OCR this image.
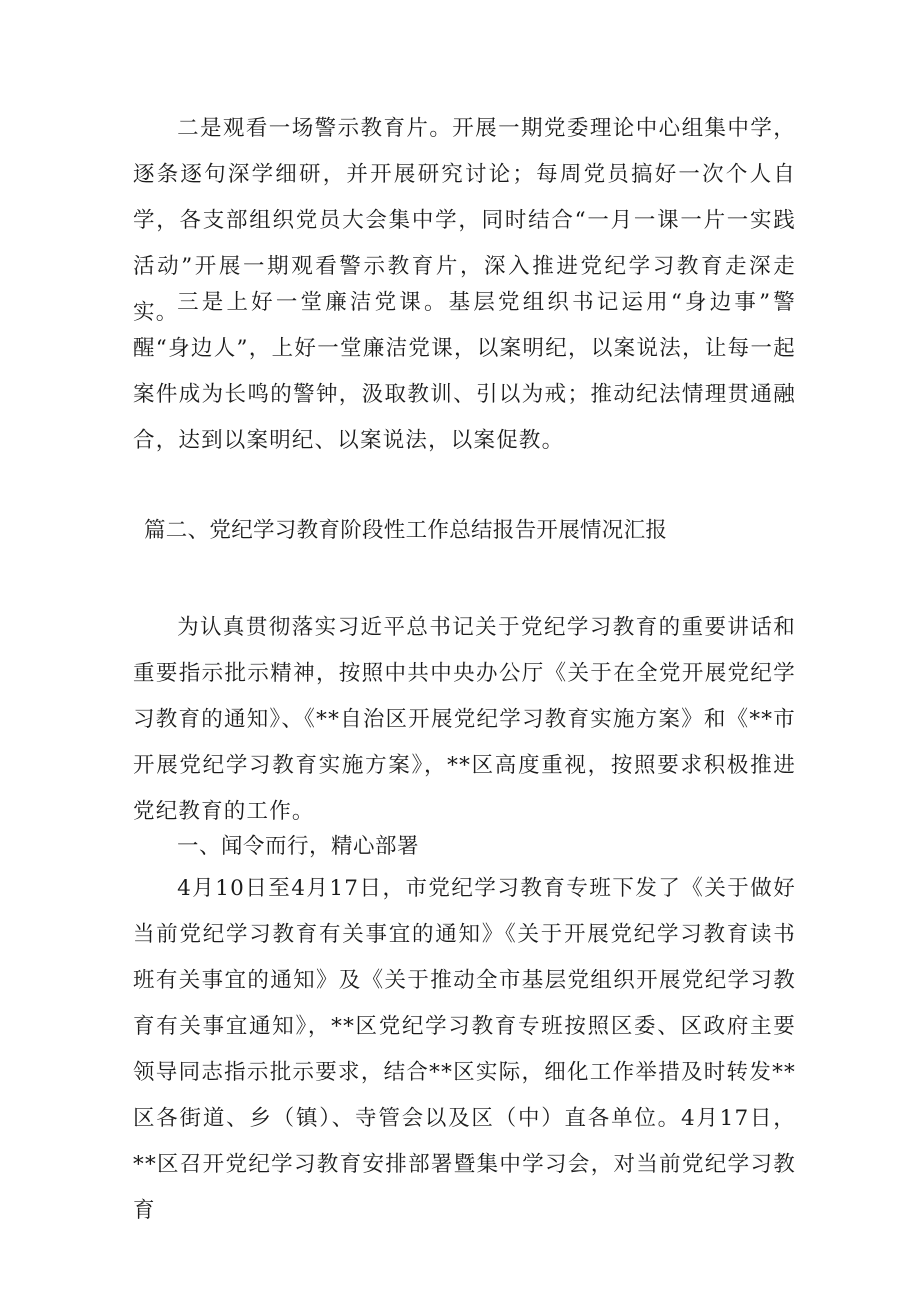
二是观看一场警示教育片。开展一期党委理论中心组集中学，逐条逐句深学细研，并开展研究讨论；每周党员搞好一次个人自学，各支部组织党员大会集中学，同时结合“一月一课一片一实践活动”开展一期观看警示教育片，深入推进党纪学习教育走深走实。

三是上好一堂廉洁党课。基层党组织书记运用“身边事”警醒“身边人”，上好一堂廉洁党课，以案明纪，以案说法，让每一起案件成为长鸣的警钟，汲取教训、引以为戒；推动纪法情理贯通融合，达到以案明纪、以案说法，以案促教。

篇二、党纪学习教育阶段性工作总结报告开展情况汇报

为认真贯彻落实习近平总书记关于党纪学习教育的重要讲话和重要指示批示精神，按照中共中央办公厅《关于在全党开展党纪学习教育的通知》、《**自治区开展党纪学习教育实施方案》和《**市开展党纪学习教育实施方案》，**区高度重视，按照要求积极推进党纪教育的工作。

一、闻令而行，精心部署

4月10日至4月17日，市党纪学习教育专班下发了《关于做好当前党纪学习教育有关事宜的通知》《关于开展党纪学习教育读书班有关事宜的通知》及《关于推动全市基层党组织开展党纪学习教育有关事宜通知》，**区党纪学习教育专班按照区委、区政府主要领导同志指示批示要求，结合**区实际，细化工作举措及时转发**区各街道、乡（镇）、寺管会以及区（中）直各单位。4月17日，**区召开党纪学习教育安排部署暨集中学习会，对当前党纪学习教育
